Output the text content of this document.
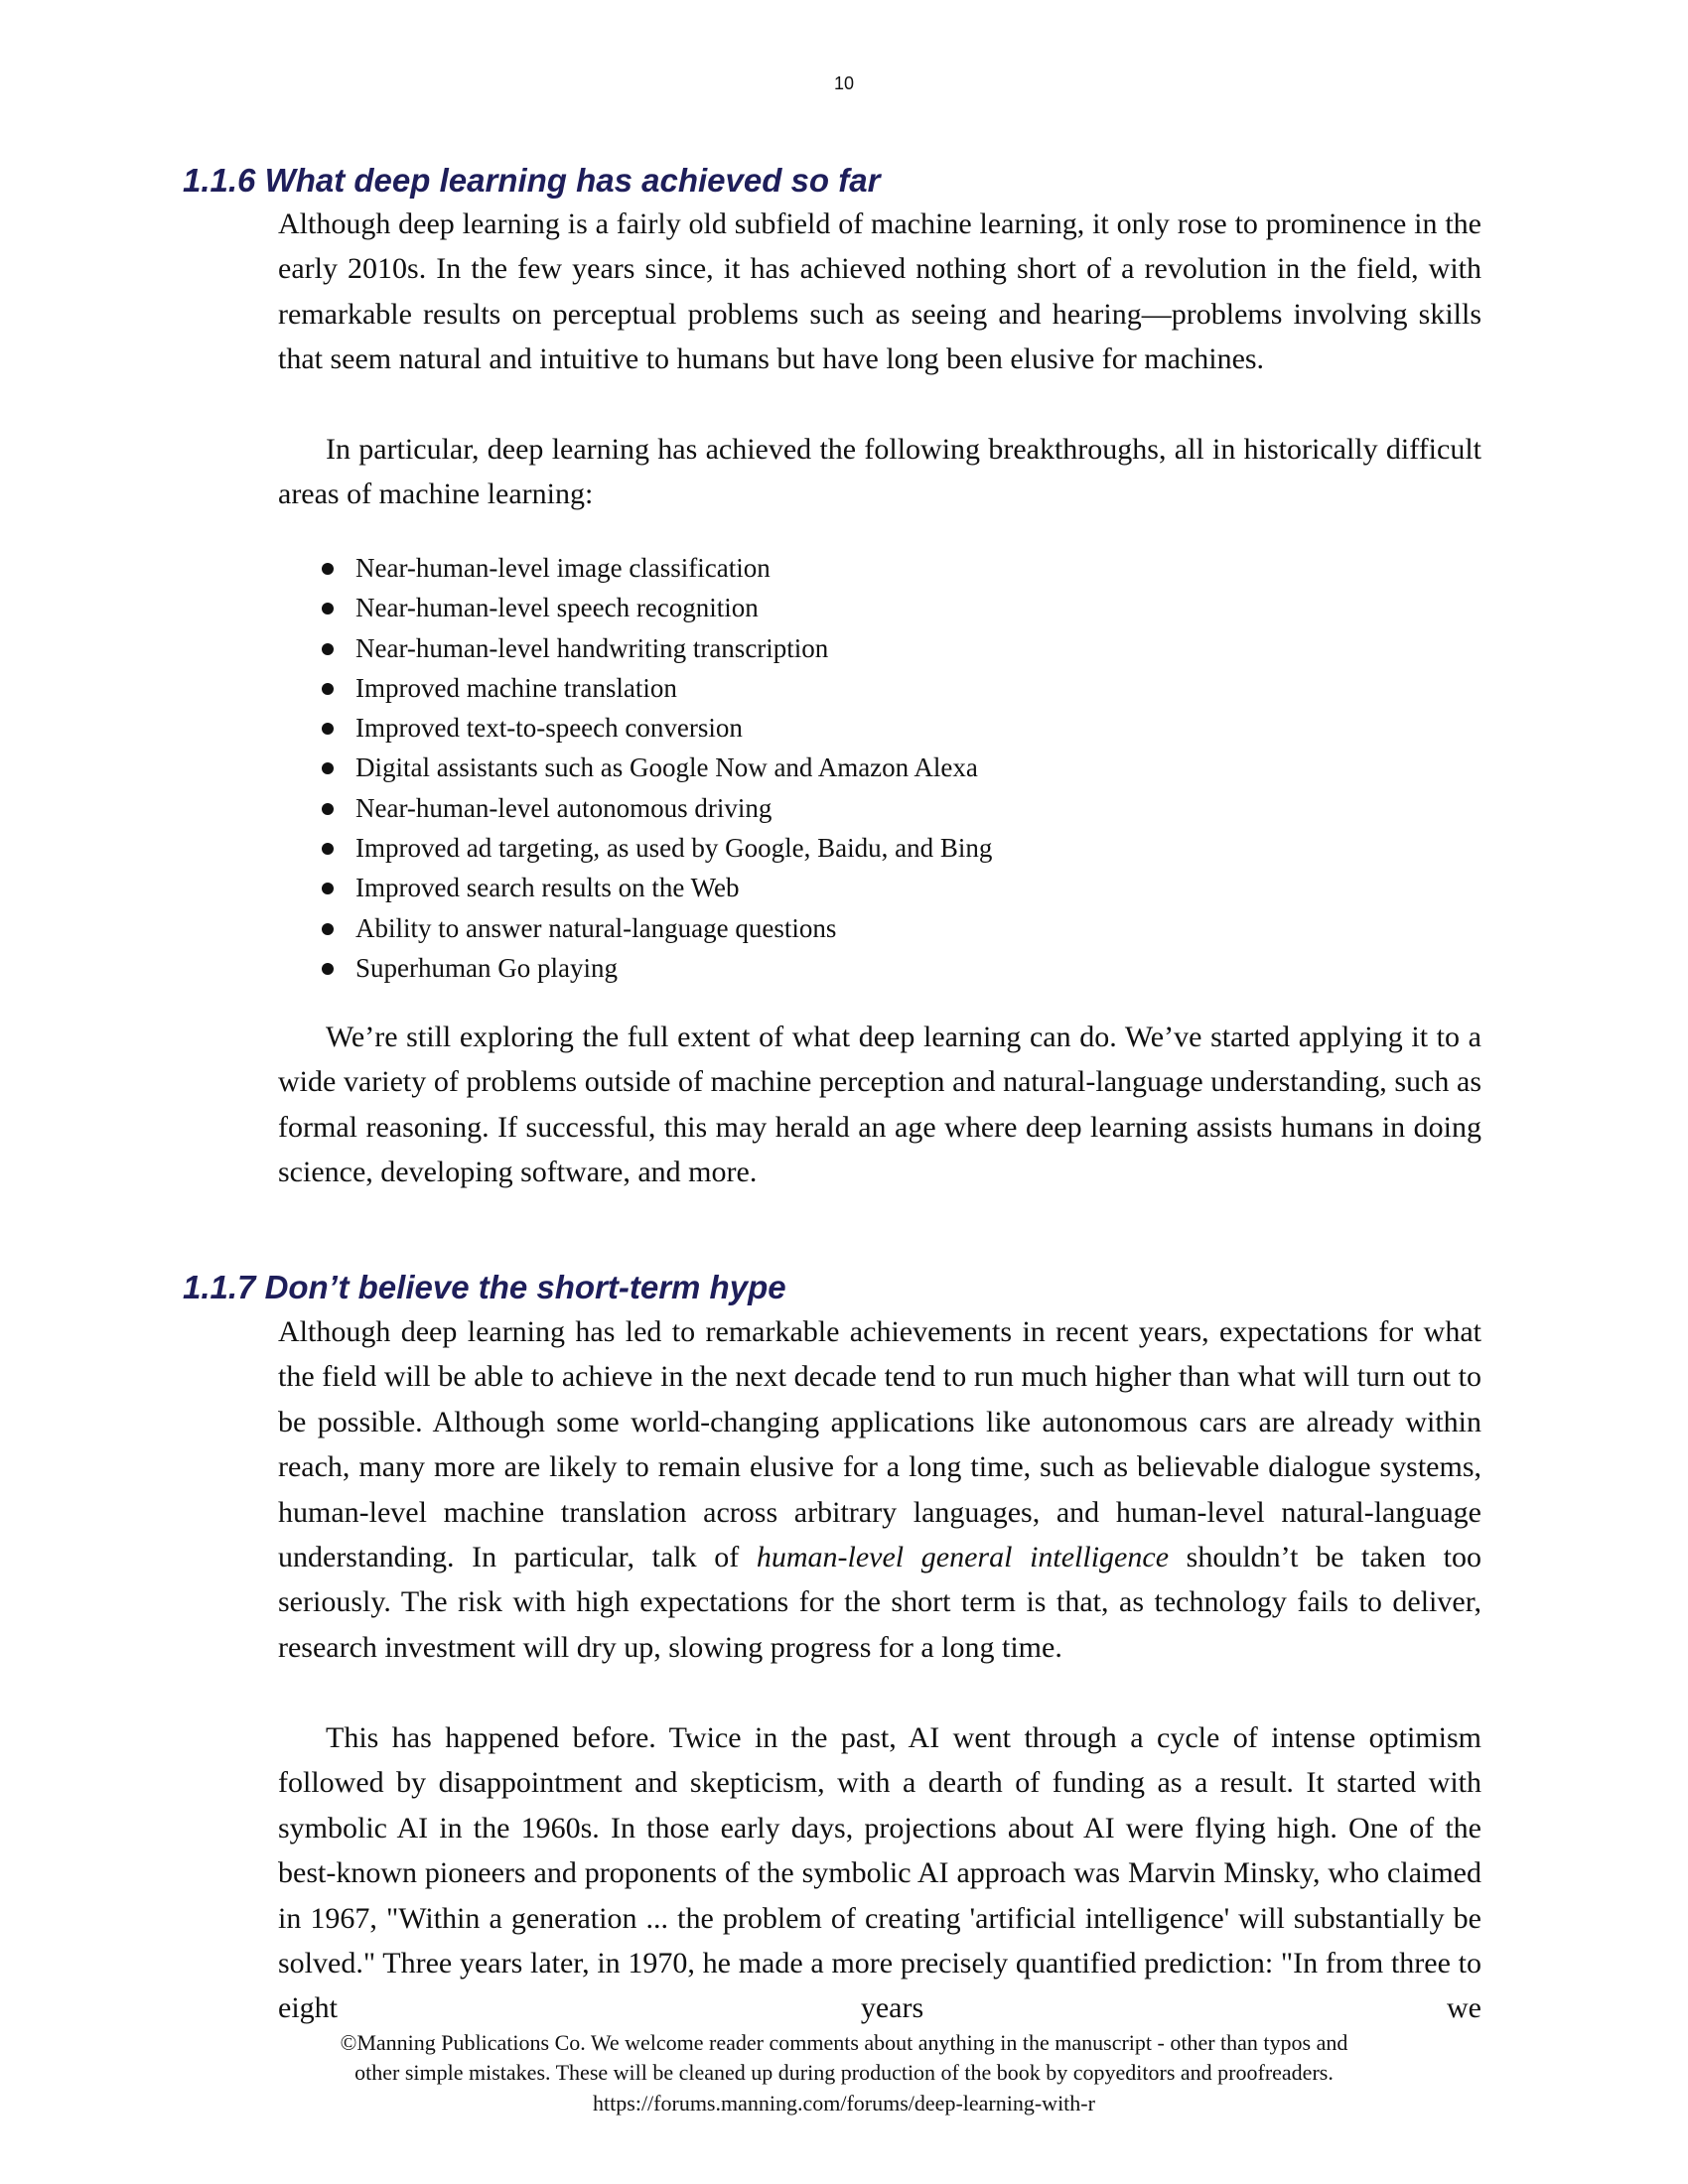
10
1.1.6 What deep learning has achieved so far

Although deep learning is a fairly old subfield of machine learning, it only rose to prominence in the early 2010s. In the few years since, it has achieved nothing short of a revolution in the field, with remarkable results on perceptual problems such as seeing and hearing—problems involving skills that seem natural and intuitive to humans but have long been elusive for machines.

In particular, deep learning has achieved the following breakthroughs, all in historically difficult areas of machine learning:

Near-human-level image classification
Near-human-level speech recognition
Near-human-level handwriting transcription
Improved machine translation
Improved text-to-speech conversion
Digital assistants such as Google Now and Amazon Alexa
Near-human-level autonomous driving
Improved ad targeting, as used by Google, Baidu, and Bing
Improved search results on the Web
Ability to answer natural-language questions
Superhuman Go playing

We’re still exploring the full extent of what deep learning can do. We’ve started applying it to a wide variety of problems outside of machine perception and natural-language understanding, such as formal reasoning. If successful, this may herald an age where deep learning assists humans in doing science, developing software, and more.

1.1.7 Don’t believe the short-term hype

Although deep learning has led to remarkable achievements in recent years, expectations for what the field will be able to achieve in the next decade tend to run much higher than what will turn out to be possible. Although some world-changing applications like autonomous cars are already within reach, many more are likely to remain elusive for a long time, such as believable dialogue systems, human-level machine translation across arbitrary languages, and human-level natural-language understanding. In particular, talk of human-level general intelligence shouldn’t be taken too seriously. The risk with high expectations for the short term is that, as technology fails to deliver, research investment will dry up, slowing progress for a long time.

This has happened before. Twice in the past, AI went through a cycle of intense optimism followed by disappointment and skepticism, with a dearth of funding as a result. It started with symbolic AI in the 1960s. In those early days, projections about AI were flying high. One of the best-known pioneers and proponents of the symbolic AI approach was Marvin Minsky, who claimed in 1967, "Within a generation ... the problem of creating 'artificial intelligence' will substantially be solved." Three years later, in 1970, he made a more precisely quantified prediction: "In from three to eight years we

©Manning Publications Co. We welcome reader comments about anything in the manuscript - other than typos and
other simple mistakes. These will be cleaned up during production of the book by copyeditors and proofreaders.
https://forums.manning.com/forums/deep-learning-with-r
